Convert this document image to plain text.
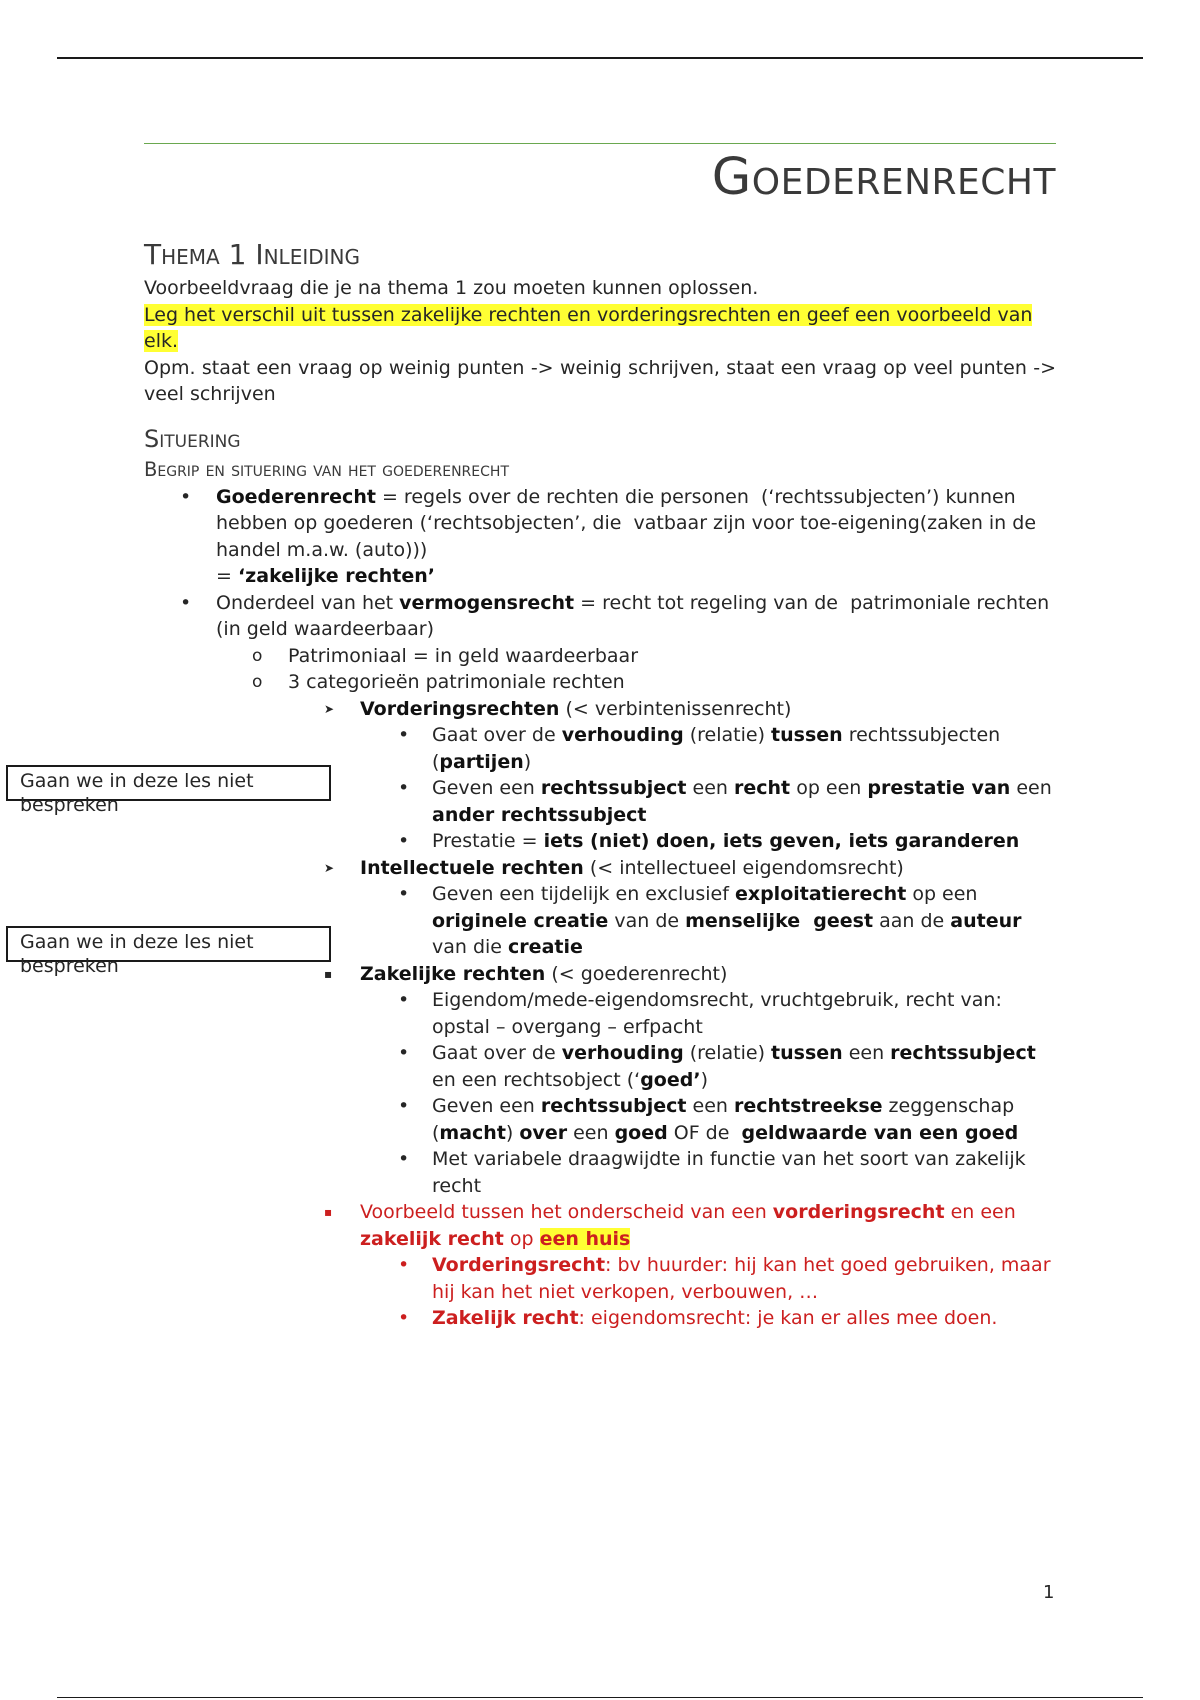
Goederenrecht
Thema 1 Inleiding

Voorbeeldvraag die je na thema 1 zou moeten kunnen oplossen.

Leg het verschil uit tussen zakelijke rechten en vorderingsrechten en geef een voorbeeld van elk.

Opm. staat een vraag op weinig punten -> weinig schrijven, staat een vraag op veel punten -> veel schrijven

Situering
Begrip en situering van het goederenrecht
• Goederenrecht = regels over de rechten die personen  (‘rechtssubjecten’) kunnen hebben op goederen (‘rechtsobjecten’, die  vatbaar zijn voor toe-eigening(zaken in de handel m.a.w. (auto)))
= ‘zakelijke rechten’
• Onderdeel van het vermogensrecht = recht tot regeling van de  patrimoniale rechten (in geld waardeerbaar)
o Patrimoniaal = in geld waardeerbaar
o 3 categorieën patrimoniale rechten
➤ Vorderingsrechten (< verbintenissenrecht)
• Gaat over de verhouding (relatie) tussen rechtssubjecten (partijen)
• Geven een rechtssubject een recht op een prestatie van een ander rechtssubject
• Prestatie = iets (niet) doen, iets geven, iets garanderen
➤ Intellectuele rechten (< intellectueel eigendomsrecht)
• Geven een tijdelijk en exclusief exploitatierecht op een originele creatie van de menselijke  geest aan de auteur van die creatie
▪ Zakelijke rechten (< goederenrecht)
• Eigendom/mede-eigendomsrecht, vruchtgebruik, recht van: opstal – overgang – erfpacht
• Gaat over de verhouding (relatie) tussen een rechtssubject en een rechtsobject (‘goed’)
• Geven een rechtssubject een rechtstreekse zeggenschap (macht) over een goed OF de  geldwaarde van een goed
• Met variabele draagwijdte in functie van het soort van zakelijk recht
▪ Voorbeeld tussen het onderscheid van een vorderingsrecht en een zakelijk recht op een huis
• Vorderingsrecht: bv huurder: hij kan het goed gebruiken, maar hij kan het niet verkopen, verbouwen, …
• Zakelijk recht: eigendomsrecht: je kan er alles mee doen.
Gaan we in deze les niet bespreken
Gaan we in deze les niet bespreken
1
